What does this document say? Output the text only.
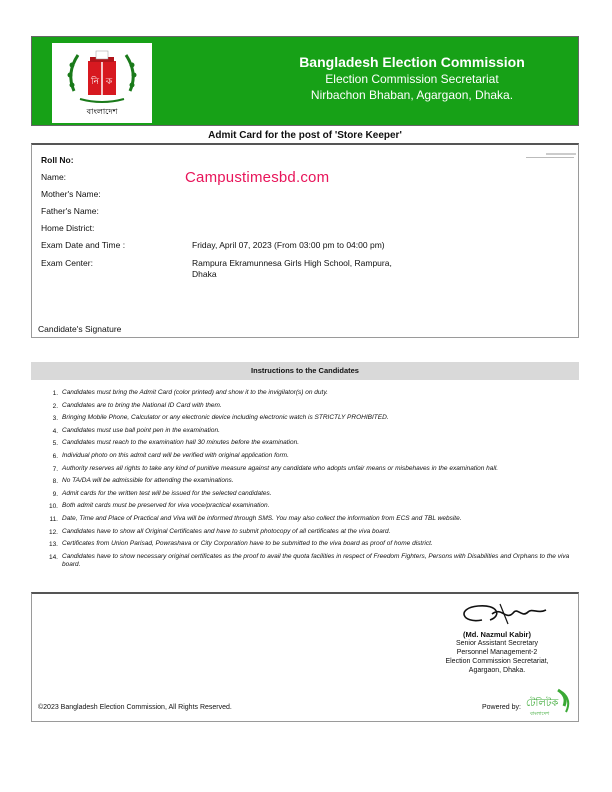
নি ক
বাংলাদেশ
Bangladesh Election Commission
Election Commission Secretariat
Nirbachon Bhaban, Agargaon, Dhaka.
Admit Card for the post of 'Store Keeper'
Roll No:
Name:	Campustimesbd.com
Mother's Name:
Father's Name:
Home District:
Exam Date and Time :	Friday, April 07, 2023 (From 03:00 pm to 04:00 pm)
Exam Center:	Rampura Ekramunnesa Girls High School, Rampura,
Dhaka
Candidate's Signature
Instructions to the Candidates
1. Candidates must bring the Admit Card (color printed) and show it to the invigilator(s) on duty.
2. Candidates are to bring the National ID Card with them.
3. Bringing Mobile Phone, Calculator or any electronic device including electronic watch is STRICTLY PROHIBITED.
4. Candidates must use ball point pen in the examination.
5. Candidates must reach to the examination hall 30 minutes before the examination.
6. Individual photo on this admit card will be verified with original application form.
7. Authority reserves all rights to take any kind of punitive measure against any candidate who adopts unfair means or misbehaves in the examination hall.
8. No TA/DA will be admissible for attending the examinations.
9. Admit cards for the written test will be issued for the selected candidates.
10. Both admit cards must be preserved for viva voce/practical examination.
11. Date, Time and Place of Practical and Viva will be informed through SMS. You may also collect the information from ECS and TBL website.
12. Candidates have to show all Original Certificates and have to submit photocopy of all certificates at the viva board.
13. Certificates from Union Parisad, Powrashava or City Corporation have to be submitted to the viva board as proof of home district.
14. Candidates have to show necessary original certificates as the proof to avail the quota facilities in respect of Freedom Fighters, Persons with Disabilities and Orphans to the viva board.
(Md. Nazmul Kabir)
Senior Assistant Secretary
Personnel Management-2
Election Commission Secretariat,
Agargaon, Dhaka.
©2023 Bangladesh Election Commission, All Rights Reserved.	Powered by: টেলিটক
বাংলাদেশ
